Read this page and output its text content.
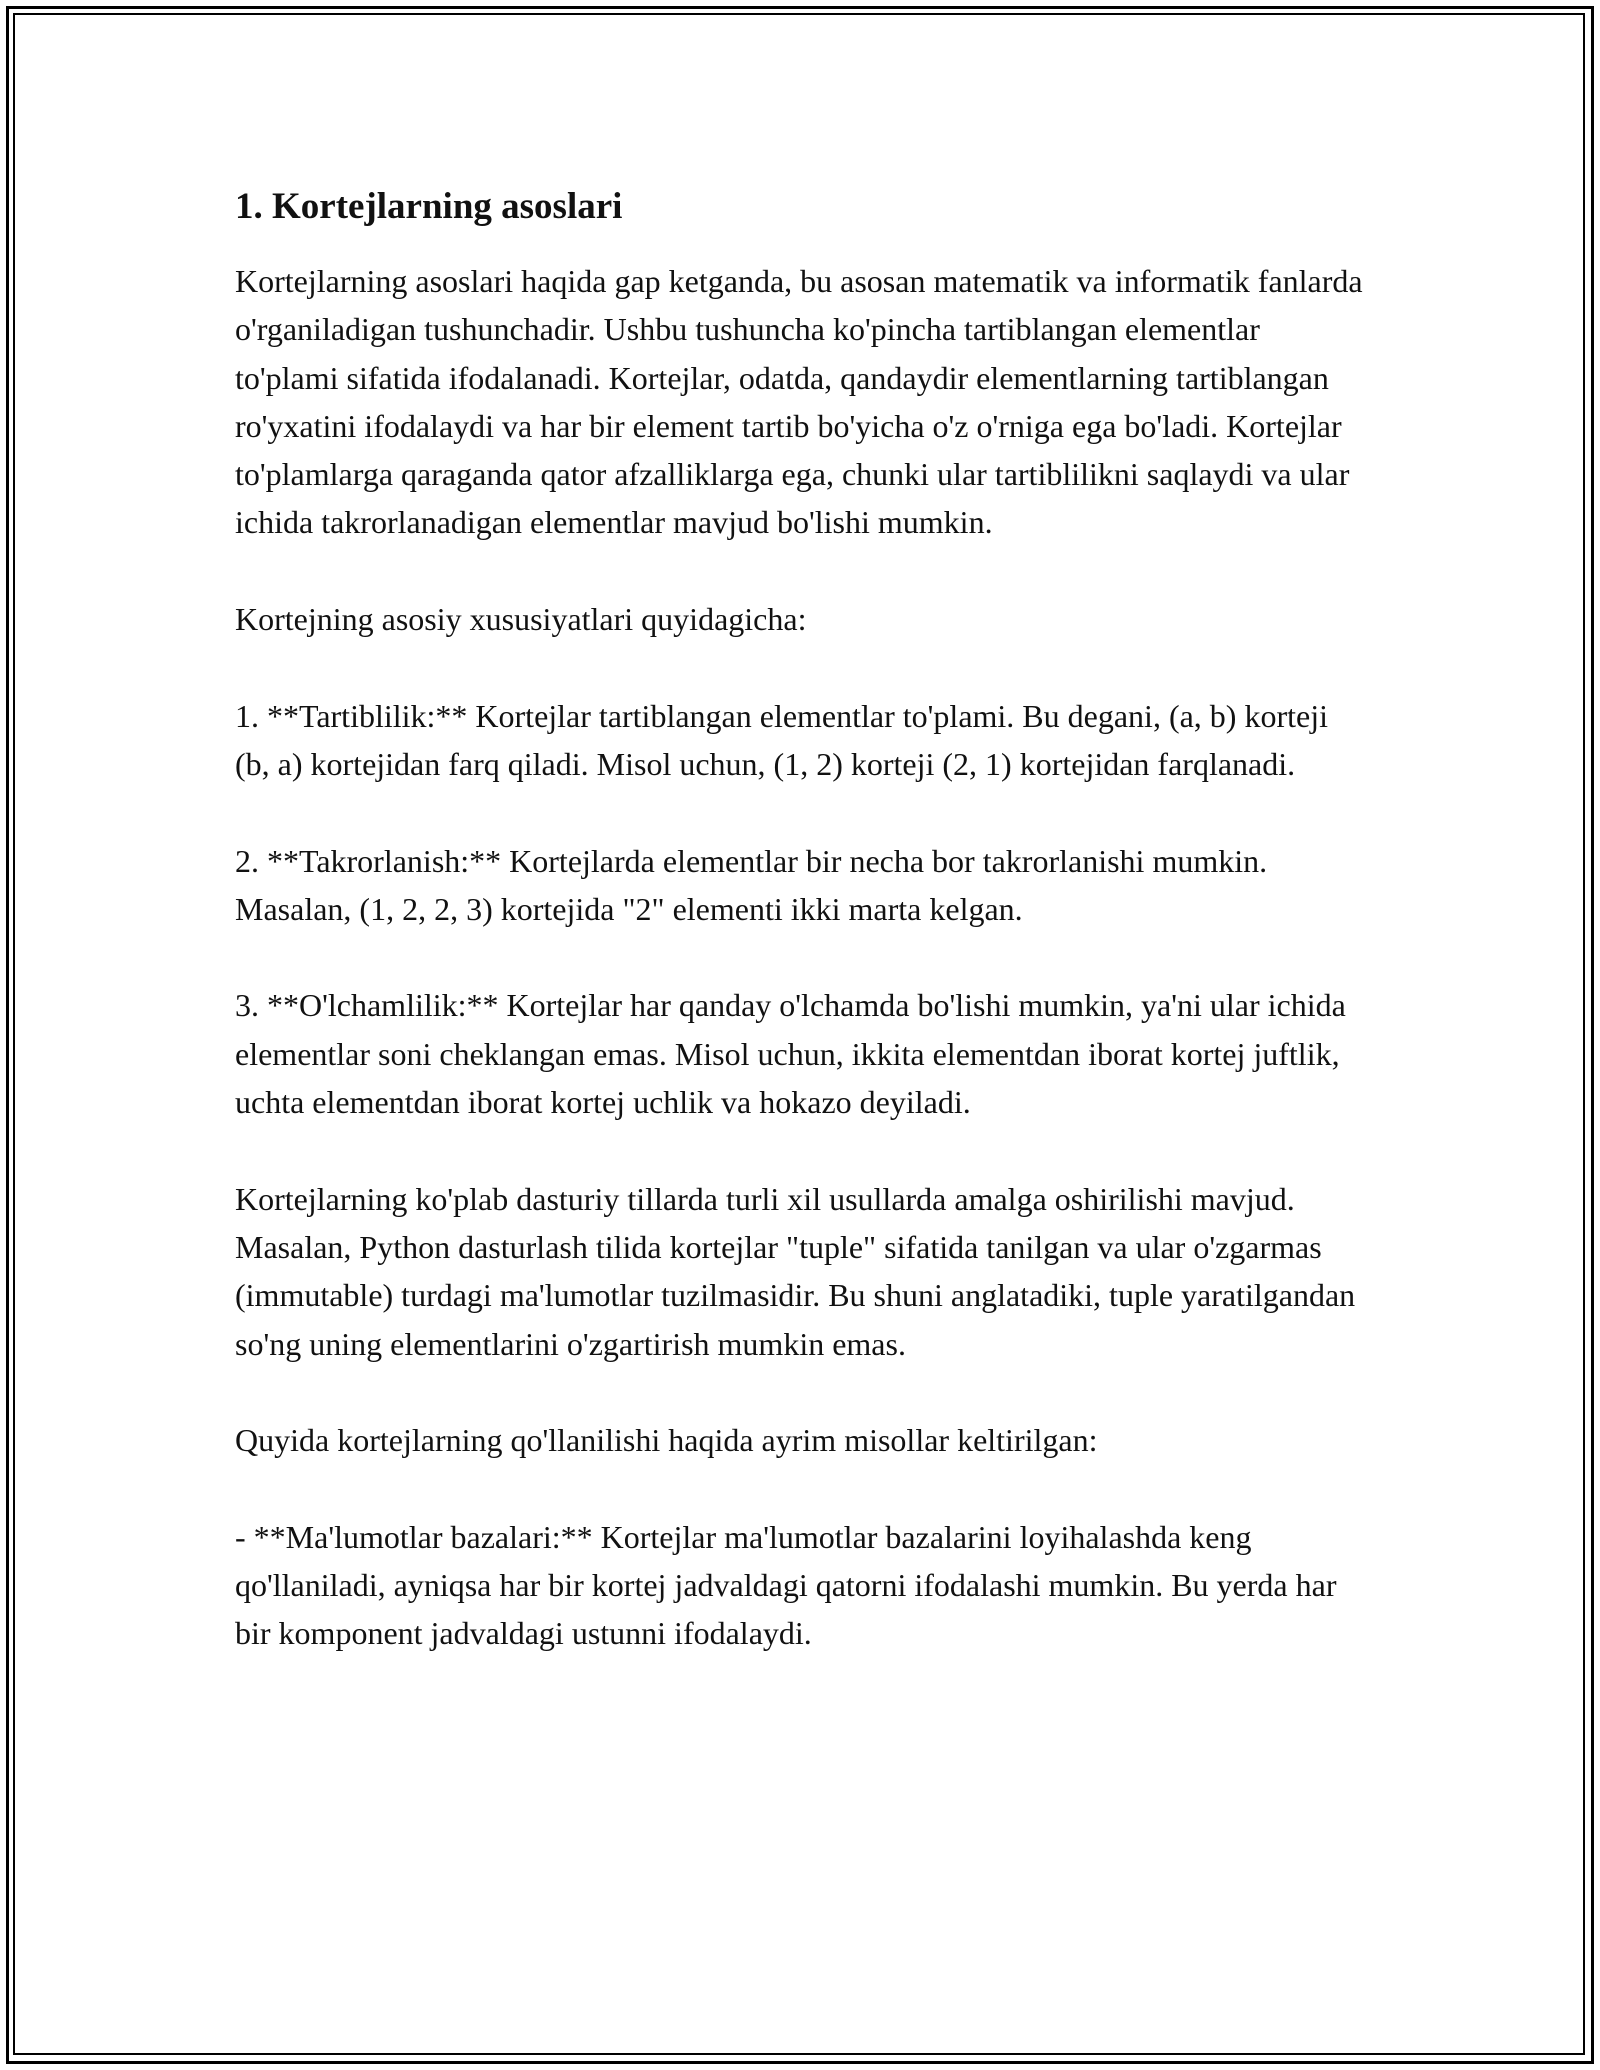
1. Kortejlarning asoslari

Kortejlarning asoslari haqida gap ketganda, bu asosan matematik va informatik fanlarda o'rganiladigan tushunchadir. Ushbu tushuncha ko'pincha tartiblangan elementlar to'plami sifatida ifodalanadi. Kortejlar, odatda, qandaydir elementlarning tartiblangan ro'yxatini ifodalaydi va har bir element tartib bo'yicha o'z o'rniga ega bo'ladi. Kortejlar to'plamlarga qaraganda qator afzalliklarga ega, chunki ular tartiblilikni saqlaydi va ular ichida takrorlanadigan elementlar mavjud bo'lishi mumkin.

Kortejning asosiy xususiyatlari quyidagicha:

1. **Tartiblilik:** Kortejlar tartiblangan elementlar to'plami. Bu degani, (a, b) korteji (b, a) kortejidan farq qiladi. Misol uchun, (1, 2) korteji (2, 1) kortejidan farqlanadi.

2. **Takrorlanish:** Kortejlarda elementlar bir necha bor takrorlanishi mumkin. Masalan, (1, 2, 2, 3) kortejida "2" elementi ikki marta kelgan.

3. **O'lchamlilik:** Kortejlar har qanday o'lchamda bo'lishi mumkin, ya'ni ular ichida elementlar soni cheklangan emas. Misol uchun, ikkita elementdan iborat kortej juftlik, uchta elementdan iborat kortej uchlik va hokazo deyiladi.

Kortejlarning ko'plab dasturiy tillarda turli xil usullarda amalga oshirilishi mavjud. Masalan, Python dasturlash tilida kortejlar "tuple" sifatida tanilgan va ular o'zgarmas (immutable) turdagi ma'lumotlar tuzilmasidir. Bu shuni anglatadiki, tuple yaratilgandan so'ng uning elementlarini o'zgartirish mumkin emas.

Quyida kortejlarning qo'llanilishi haqida ayrim misollar keltirilgan:

- **Ma'lumotlar bazalari:** Kortejlar ma'lumotlar bazalarini loyihalashda keng qo'llaniladi, ayniqsa har bir kortej jadvaldagi qatorni ifodalashi mumkin. Bu yerda har bir komponent jadvaldagi ustunni ifodalaydi.
